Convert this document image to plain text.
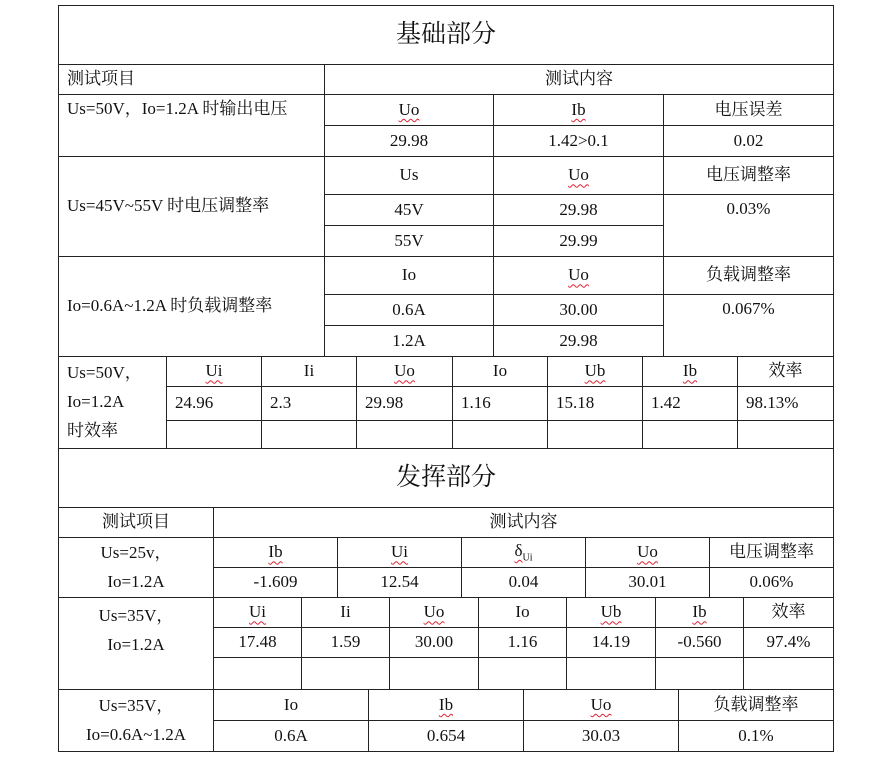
基础部分			
测试项目	测试内容		
Us=50V，Io=1.2A 时输出电压	Uo	Ib	电压误差
	29.98	1.42>0.1	0.02
Us=45V~55V 时电压调整率	Us	Uo	电压调整率
	45V	29.98	0.03%
	55V	29.99	
Io=0.6A~1.2A 时负载调整率	Io	Uo	负载调整率
	0.6A	30.00	0.067%
	1.2A	29.98	
Us=50V，
Io=1.2A
时效率	Ui	Ii	Uo	Io	Ub	Ib	效率
	24.96	2.3	29.98	1.16	15.18	1.42	98.13%

发挥部分
测试项目	测试内容
Us=25v，
Io=1.2A	Ib	Ui	$\delta_{Ui}$	Uo	电压调整率
	-1.609	12.54	0.04	30.01	0.06%
Us=35V，
Io=1.2A	Ui	Ii	Uo	Io	Ub	Ib	效率
	17.48	1.59	30.00	1.16	14.19	-0.560	97.4%

Us=35V，
Io=0.6A~1.2A	Io	Ib	Uo	负载调整率
	0.6A	0.654	30.03	0.1%
